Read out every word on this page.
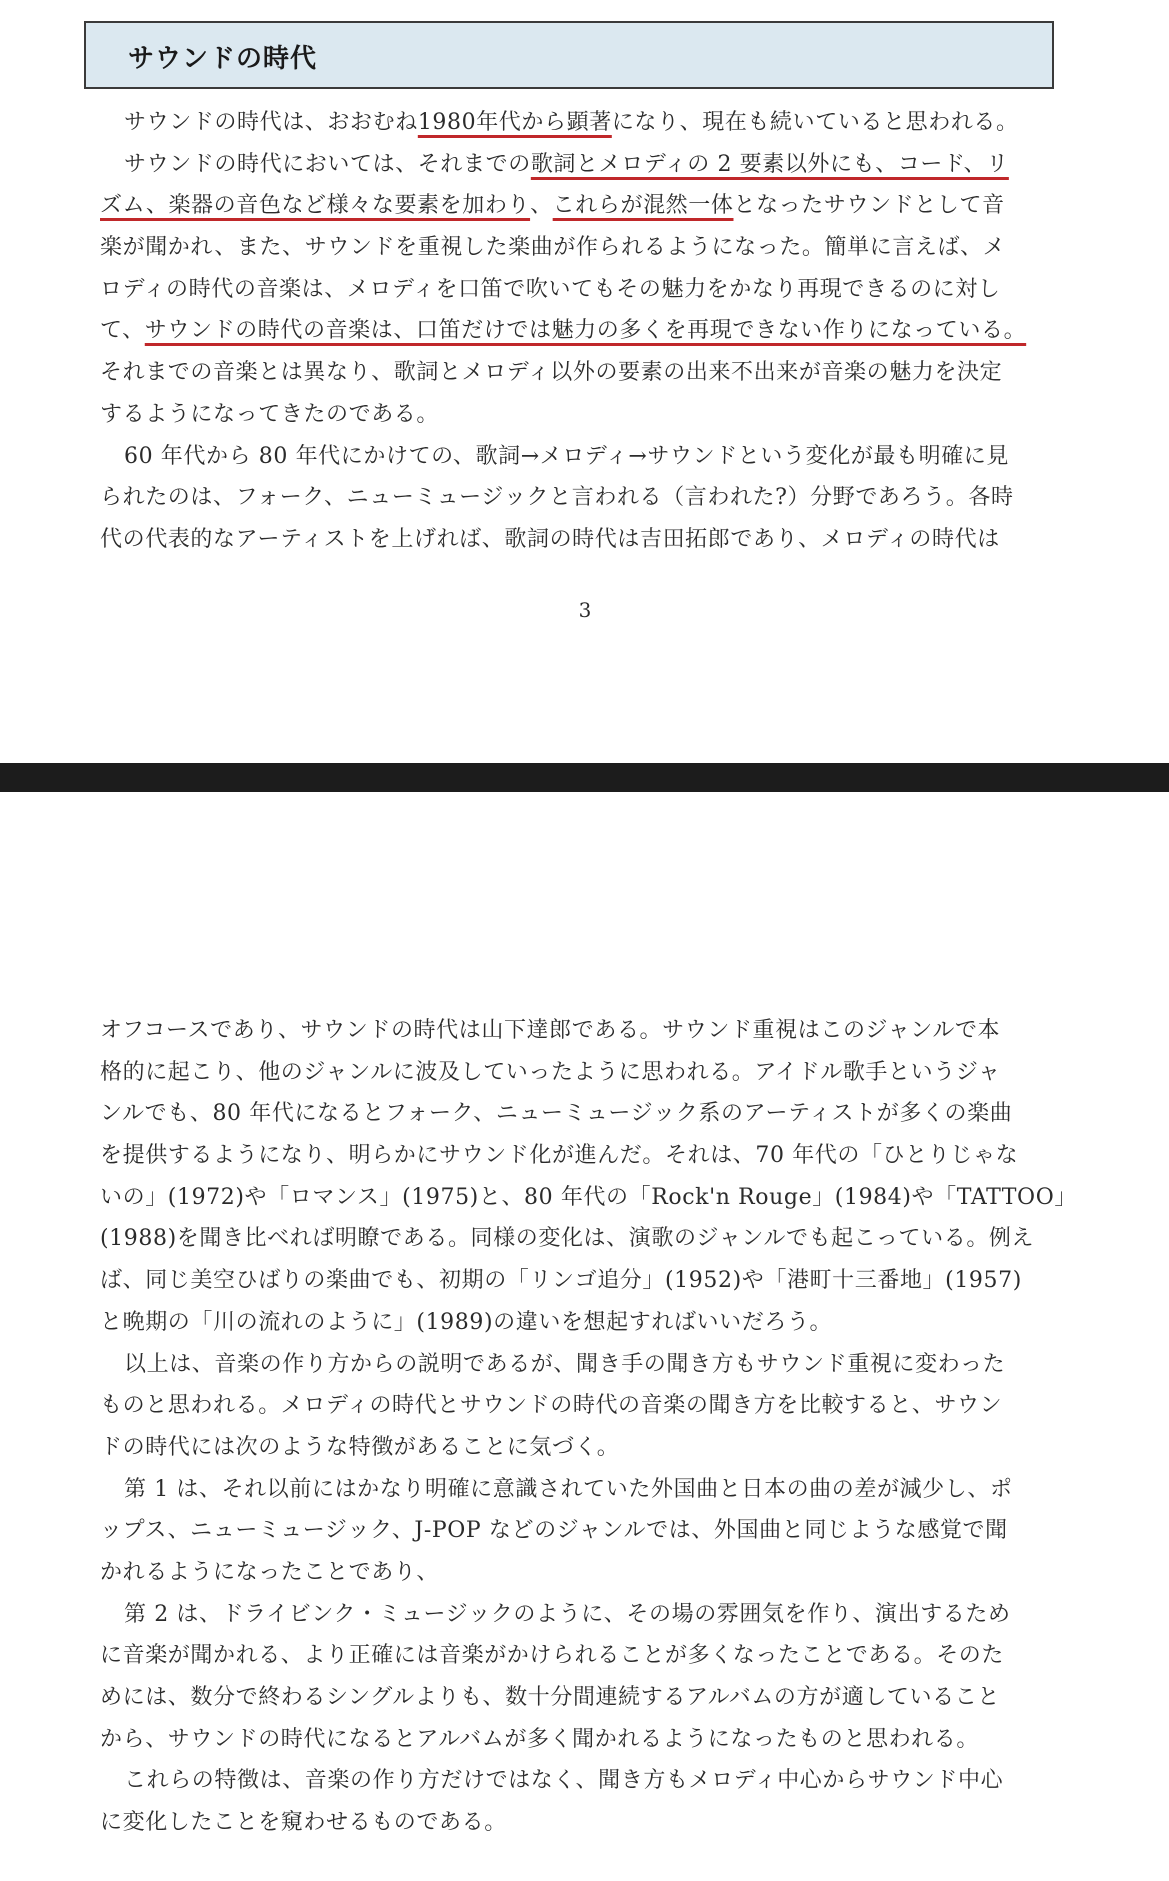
サウンドの時代
サウンドの時代は、おおむね1980年代から顕著になり、現在も続いていると思われる。
サウンドの時代においては、それまでの歌詞とメロディの 2 要素以外にも、コード、リ
ズム、楽器の音色など様々な要素を加わり、これらが混然一体となったサウンドとして音
楽が聞かれ、また、サウンドを重視した楽曲が作られるようになった。簡単に言えば、メ
ロディの時代の音楽は、メロディを口笛で吹いてもその魅力をかなり再現できるのに対し
て、サウンドの時代の音楽は、口笛だけでは魅力の多くを再現できない作りになっている。
それまでの音楽とは異なり、歌詞とメロディ以外の要素の出来不出来が音楽の魅力を決定
するようになってきたのである。
60 年代から 80 年代にかけての、歌詞→メロディ→サウンドという変化が最も明確に見
られたのは、フォーク、ニューミュージックと言われる（言われた?）分野であろう。各時
代の代表的なアーティストを上げれば、歌詞の時代は吉田拓郎であり、メロディの時代は
3
オフコースであり、サウンドの時代は山下達郎である。サウンド重視はこのジャンルで本
格的に起こり、他のジャンルに波及していったように思われる。アイドル歌手というジャ
ンルでも、80 年代になるとフォーク、ニューミュージック系のアーティストが多くの楽曲
を提供するようになり、明らかにサウンド化が進んだ。それは、70 年代の「ひとりじゃな
いの」(1972)や「ロマンス」(1975)と、80 年代の「Rock'n Rouge」(1984)や「TATTOO」
(1988)を聞き比べれば明瞭である。同様の変化は、演歌のジャンルでも起こっている。例え
ば、同じ美空ひばりの楽曲でも、初期の「リンゴ追分」(1952)や「港町十三番地」(1957)
と晩期の「川の流れのように」(1989)の違いを想起すればいいだろう。
以上は、音楽の作り方からの説明であるが、聞き手の聞き方もサウンド重視に変わった
ものと思われる。メロディの時代とサウンドの時代の音楽の聞き方を比較すると、サウン
ドの時代には次のような特徴があることに気づく。
第 1 は、それ以前にはかなり明確に意識されていた外国曲と日本の曲の差が減少し、ポ
ップス、ニューミュージック、J-POP などのジャンルでは、外国曲と同じような感覚で聞
かれるようになったことであり、
第 2 は、ドライビンク・ミュージックのように、その場の雰囲気を作り、演出するため
に音楽が聞かれる、より正確には音楽がかけられることが多くなったことである。そのた
めには、数分で終わるシングルよりも、数十分間連続するアルバムの方が適していること
から、サウンドの時代になるとアルバムが多く聞かれるようになったものと思われる。
これらの特徴は、音楽の作り方だけではなく、聞き方もメロディ中心からサウンド中心
に変化したことを窺わせるものである。
